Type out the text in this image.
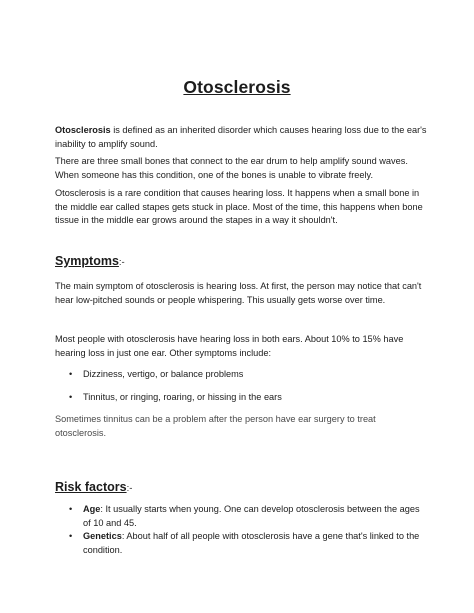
Otosclerosis

Otosclerosis is defined as an inherited disorder which causes hearing loss due to the ear's inability to amplify sound.

There are three small bones that connect to the ear drum to help amplify sound waves. When someone has this condition, one of the bones is unable to vibrate freely.

Otosclerosis is a rare condition that causes hearing loss. It happens when a small bone in the middle ear called stapes gets stuck in place. Most of the time, this happens when bone tissue in the middle ear grows around the stapes in a way it shouldn't.

Symptoms:-

The main symptom of otosclerosis is hearing loss. At first, the person may notice that can't hear low-pitched sounds or people whispering. This usually gets worse over time.

Most people with otosclerosis have hearing loss in both ears. About 10% to 15% have hearing loss in just one ear. Other symptoms include:

• Dizziness, vertigo, or balance problems
• Tinnitus, or ringing, roaring, or hissing in the ears

Sometimes tinnitus can be a problem after the person have ear surgery to treat otosclerosis.

Risk factors:-
• Age: It usually starts when young. One can develop otosclerosis between the ages of 10 and 45.
• Genetics: About half of all people with otosclerosis have a gene that's linked to the condition.
